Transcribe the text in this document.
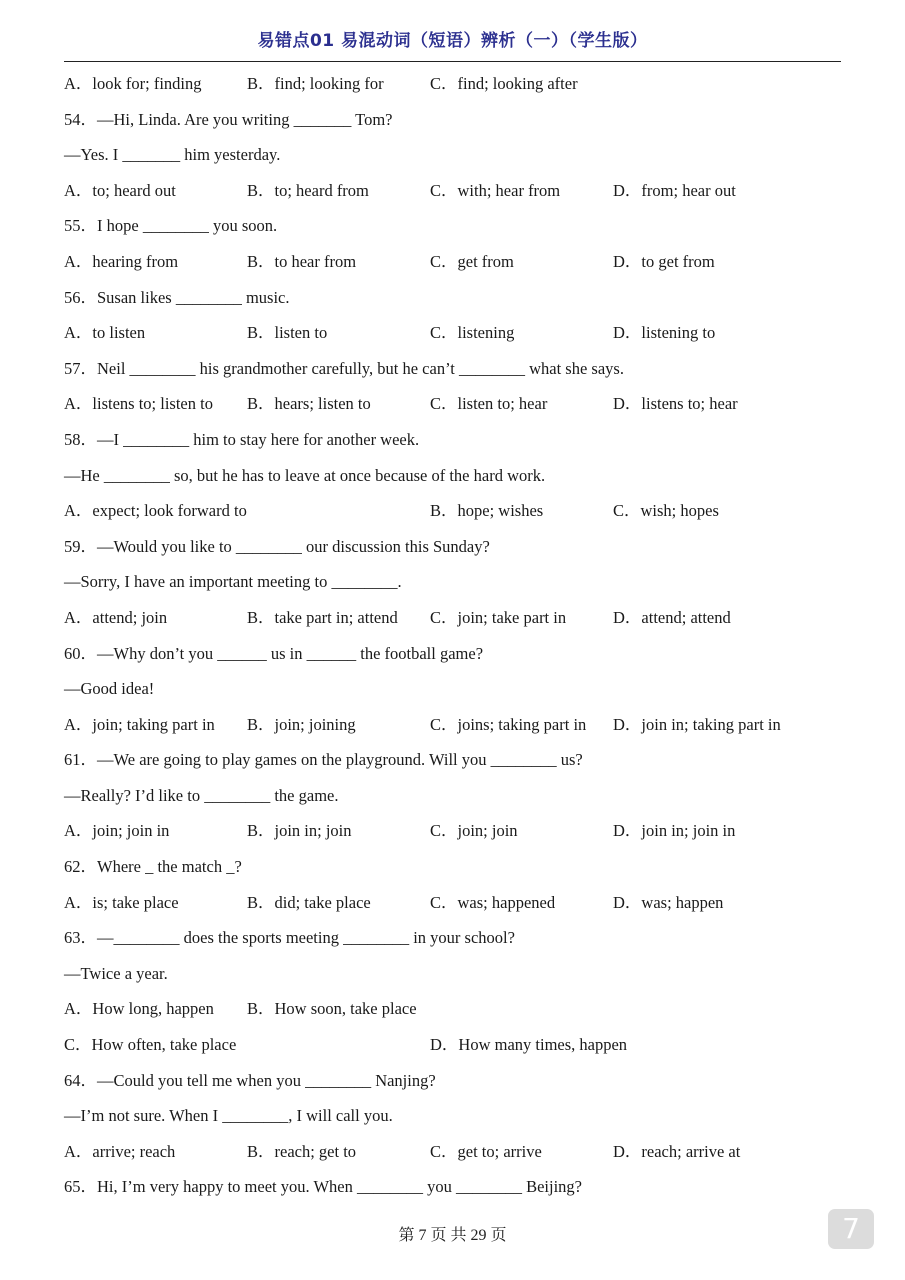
易错点01 易混动词（短语）辨析（一）（学生版）
A．look for; finding	B．find; looking for	C．find; looking after
54．—Hi, Linda. Are you writing _______ Tom?
—Yes. I _______ him yesterday.
A．to; heard out	B．to; heard from	C．with; hear from	D．from; hear out
55．I hope ________ you soon.
A．hearing from	B．to hear from	C．get from	D．to get from
56．Susan likes ________ music.
A．to listen	B．listen to	C．listening	D．listening to
57．Neil ________ his grandmother carefully, but he can’t ________ what she says.
A．listens to; listen to B．hears; listen to	C．listen to; hear	D．listens to; hear
58．—I ________ him to stay here for another week.
—He ________ so, but he has to leave at once because of the hard work.
A．expect; look forward to	B．hope; wishes	C．wish; hopes
59．—Would you like to ________ our discussion this Sunday?
—Sorry, I have an important meeting to ________.
A．attend; join	B．take part in; attend C．join; take part in	D．attend; attend
60．—Why don’t you ______ us in ______ the football game?
—Good idea!
A．join; taking part in B．join; joining	C．joins; taking part in D．join in; taking part in
61．—We are going to play games on the playground. Will you ________ us?
—Really? I’d like to ________ the game.
A．join; join in	B．join in; join	C．join; join	D．join in; join in
62．Where _ the match _?
A．is; take place	B．did; take place	C．was; happened	D．was; happen
63．—________ does the sports meeting ________ in your school?
—Twice a year.
A．How long, happen B．How soon, take place
C．How often, take place	D．How many times, happen
64．—Could you tell me when you ________ Nanjing?
—I’m not sure. When I ________, I will call you.
A．arrive; reach	B．reach; get to	C．get to; arrive	D．reach; arrive at
65．Hi, I’m very happy to meet you. When ________ you ________ Beijing?
第 7 页 共 29 页	7
